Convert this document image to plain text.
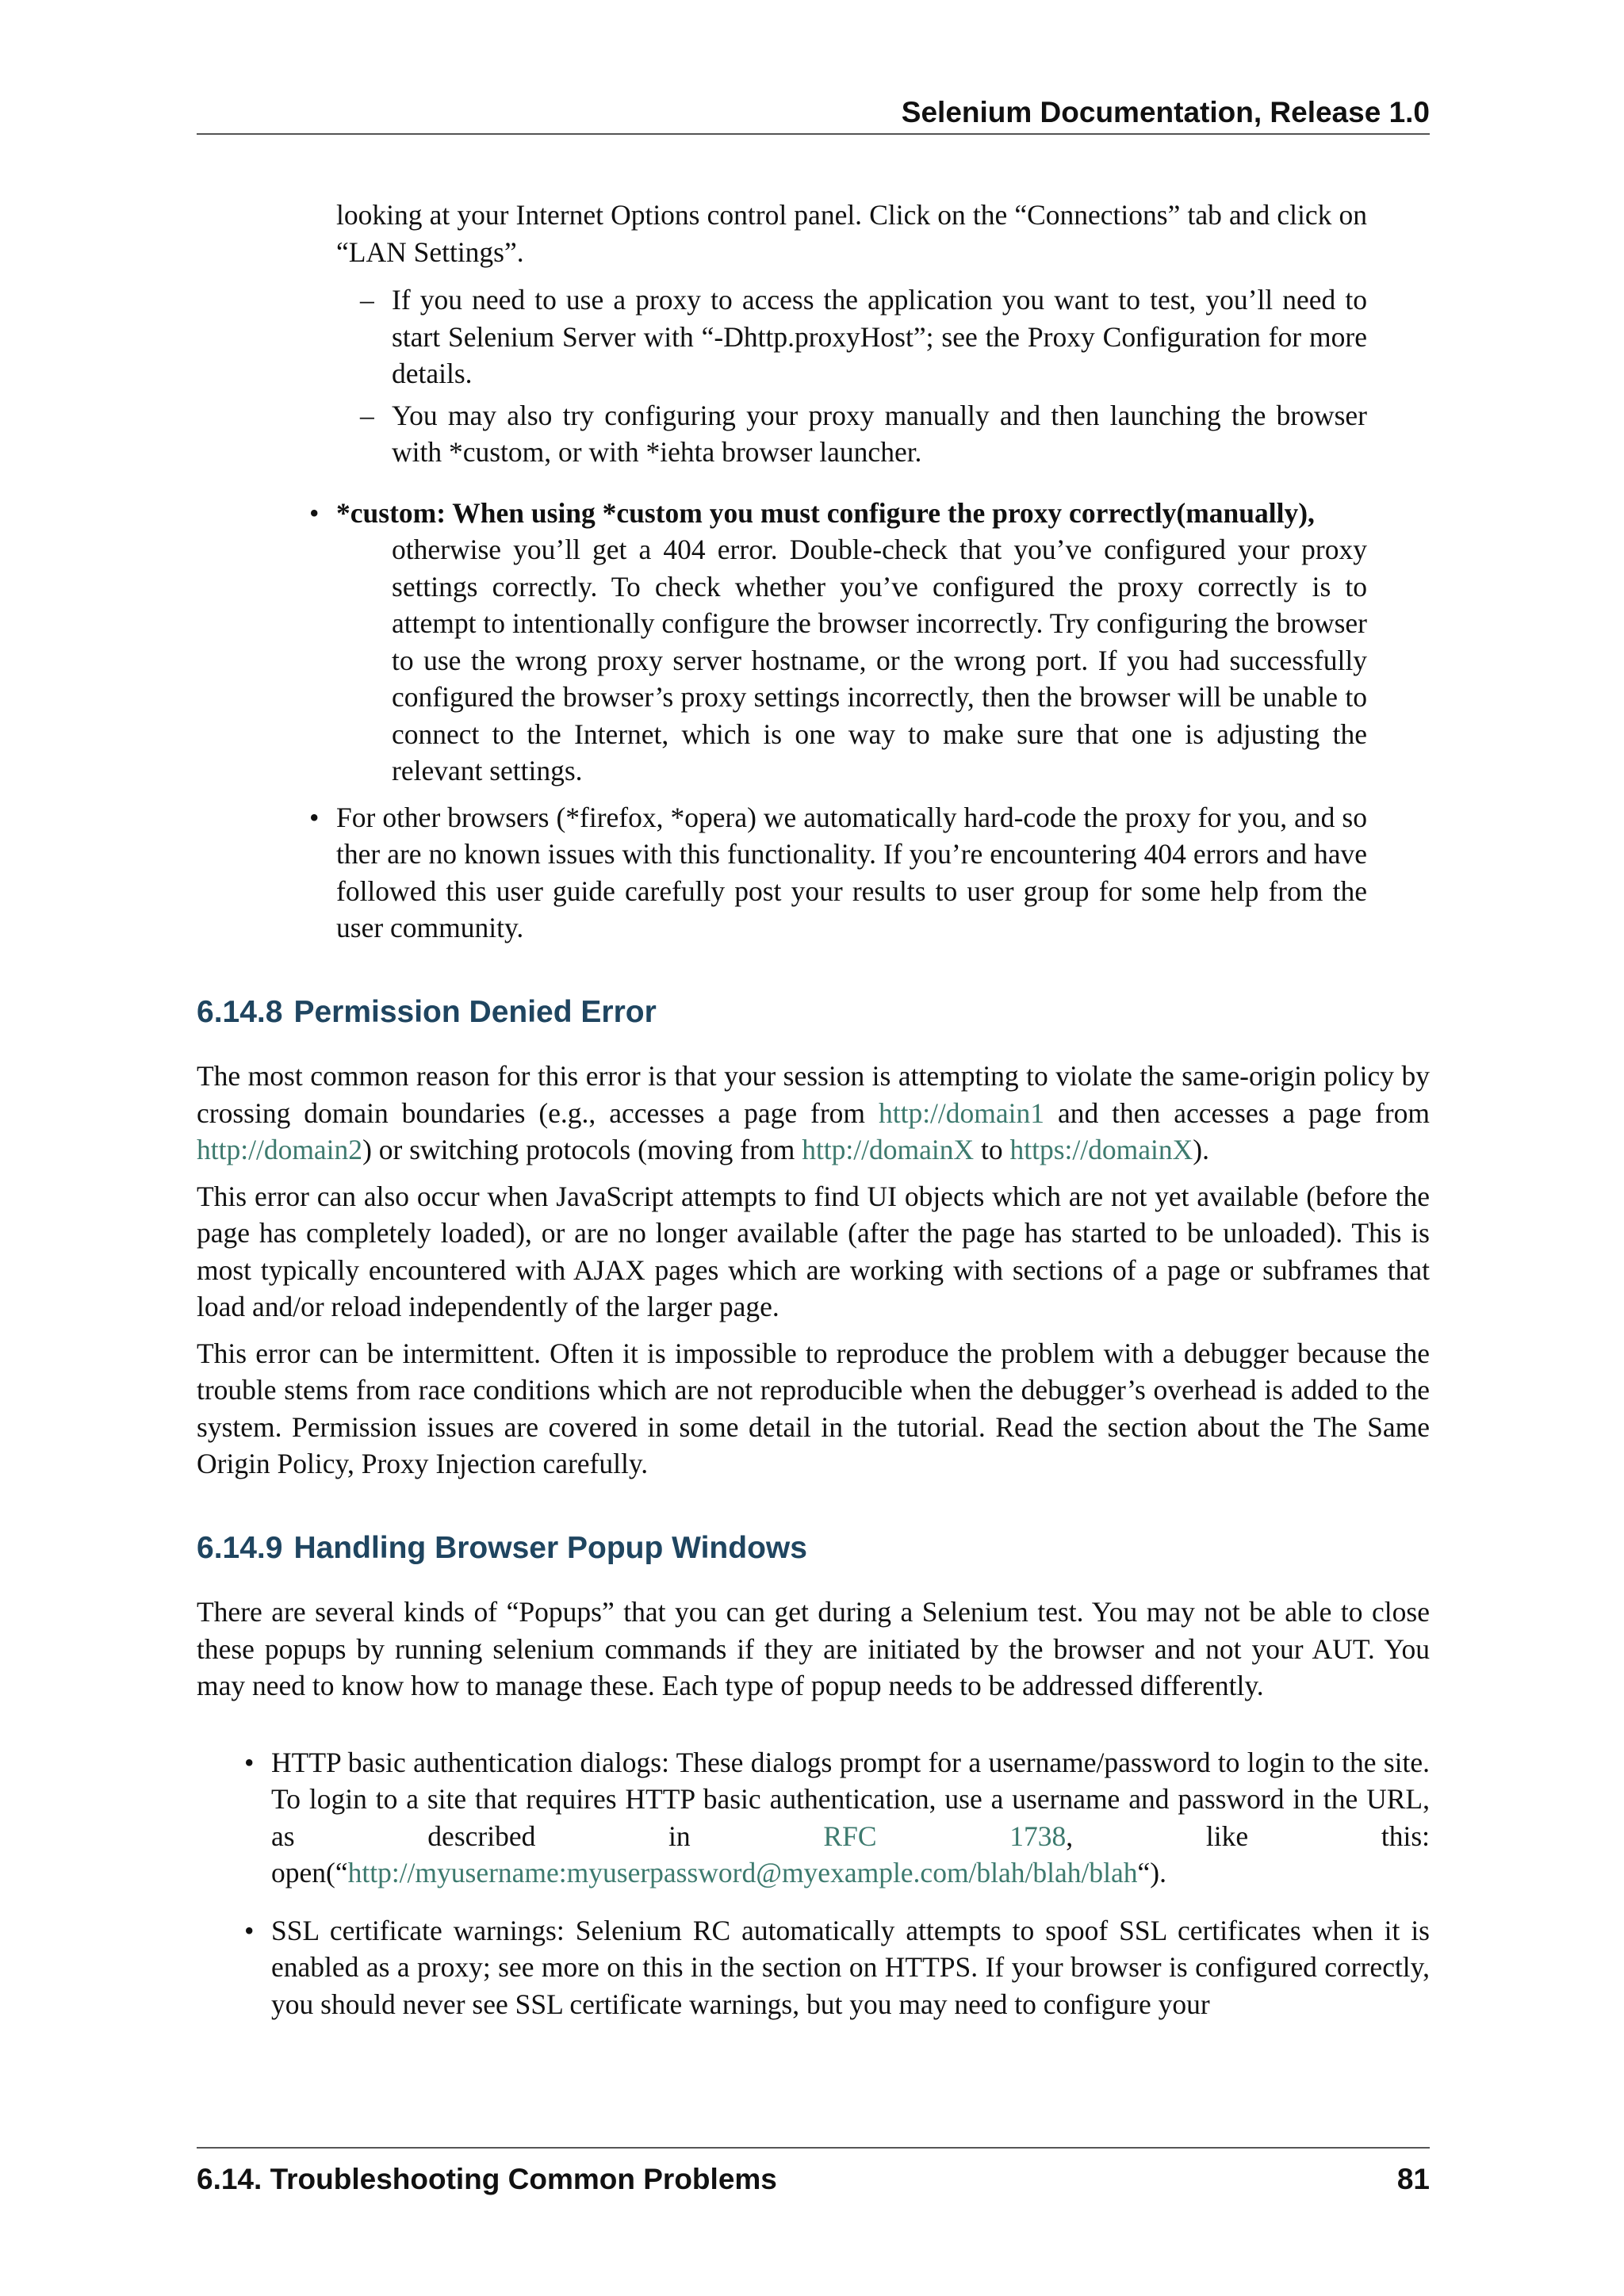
Selenium Documentation, Release 1.0

looking at your Internet Options control panel. Click on the “Connections” tab and click on “LAN Settings”.

– If you need to use a proxy to access the application you want to test, you’ll need to start Selenium Server with “-Dhttp.proxyHost”; see the Proxy Configuration for more details.

– You may also try configuring your proxy manually and then launching the browser with *custom, or with *iehta browser launcher.

• *custom: When using *custom you must configure the proxy correctly(manually),

otherwise you’ll get a 404 error. Double-check that you’ve configured your proxy settings correctly. To check whether you’ve configured the proxy correctly is to attempt to intentionally configure the browser incorrectly. Try configuring the browser to use the wrong proxy server hostname, or the wrong port. If you had successfully configured the browser’s proxy settings incorrectly, then the browser will be unable to connect to the Internet, which is one way to make sure that one is adjusting the relevant settings.

• For other browsers (*firefox, *opera) we automatically hard-code the proxy for you, and so ther are no known issues with this functionality. If you’re encountering 404 errors and have followed this user guide carefully post your results to user group for some help from the user community.

6.14.8 Permission Denied Error

The most common reason for this error is that your session is attempting to violate the same-origin policy by crossing domain boundaries (e.g., accesses a page from http://domain1 and then accesses a page from http://domain2) or switching protocols (moving from http://domainX to https://domainX).

This error can also occur when JavaScript attempts to find UI objects which are not yet available (before the page has completely loaded), or are no longer available (after the page has started to be unloaded). This is most typically encountered with AJAX pages which are working with sections of a page or subframes that load and/or reload independently of the larger page.

This error can be intermittent. Often it is impossible to reproduce the problem with a debugger because the trouble stems from race conditions which are not reproducible when the debugger’s overhead is added to the system. Permission issues are covered in some detail in the tutorial. Read the section about the The Same Origin Policy, Proxy Injection carefully.

6.14.9 Handling Browser Popup Windows

There are several kinds of “Popups” that you can get during a Selenium test. You may not be able to close these popups by running selenium commands if they are initiated by the browser and not your AUT. You may need to know how to manage these. Each type of popup needs to be addressed differently.

• HTTP basic authentication dialogs: These dialogs prompt for a username/password to login to the site. To login to a site that requires HTTP basic authentication, use a username and password in the URL, as described in RFC 1738, like this: open(“http://myusername:myuserpassword@myexample.com/blah/blah/blah“).

• SSL certificate warnings: Selenium RC automatically attempts to spoof SSL certificates when it is enabled as a proxy; see more on this in the section on HTTPS. If your browser is configured correctly, you should never see SSL certificate warnings, but you may need to configure your

6.14. Troubleshooting Common Problems	81
